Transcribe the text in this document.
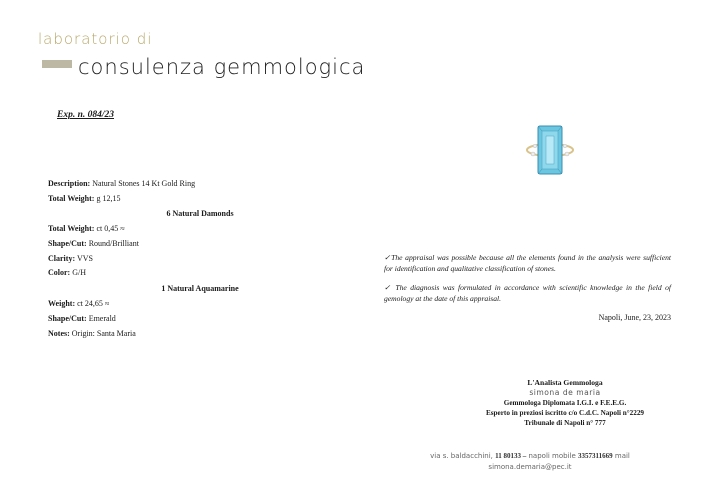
laboratorio di
consulenza gemmologica
Exp. n. 084/23
Description: Natural Stones 14 Kt Gold Ring
Total Weight: g 12,15
6 Natural Damonds
Total Weight: ct 0,45 ≈
Shape/Cut: Round/Brilliant
Clarity: VVS
Color: G/H
1 Natural Aquamarine
Weight: ct 24,65 ≈
Shape/Cut: Emerald
Notes: Origin: Santa Maria
✓The appraisal was possible because all the elements found in the analysis were sufficient for identification and qualitative classification of stones.
✓ The diagnosis was formulated in accordance with scientific knowledge in the field of gemology at the date of this appraisal.
Napoli, June, 23, 2023
L'Analista Gemmologa
simona de maria
Gemmologa Diplomata I.G.I. e F.E.E.G.
Esperto in preziosi iscritto c/o C.d.C. Napoli n°2229
Tribunale di Napoli n° 777
via s. baldacchini, 11 80133 – napoli mobile 3357311669 mail
simona.demaria@pec.it
